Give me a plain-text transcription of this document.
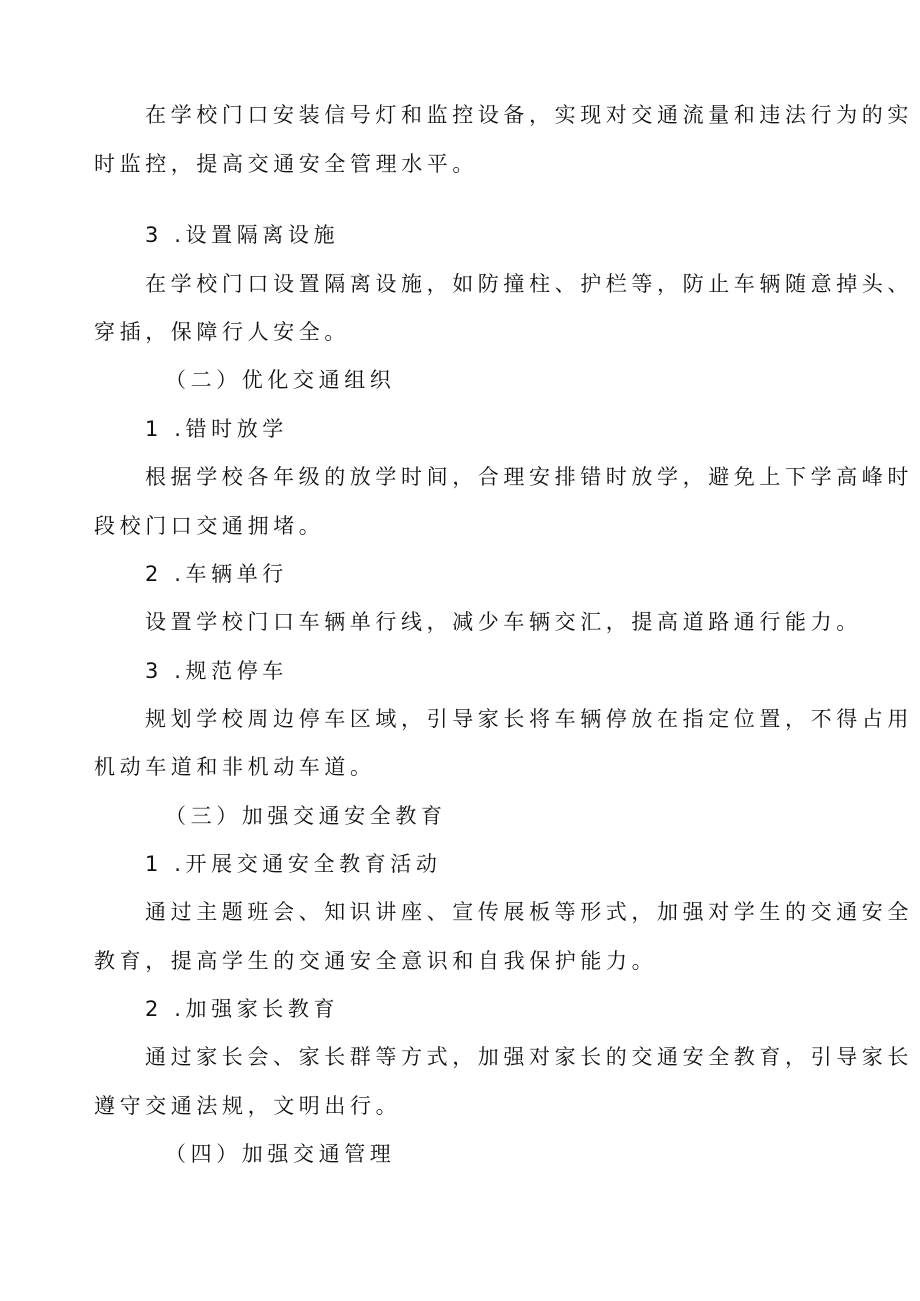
在学校门口安装信号灯和监控设备，实现对交通流量和违法行为的实
时监控，提高交通安全管理水平。
3 .设置隔离设施
在学校门口设置隔离设施，如防撞柱、护栏等，防止车辆随意掉头、
穿插，保障行人安全。
（二）优化交通组织
1 .错时放学
根据学校各年级的放学时间，合理安排错时放学，避免上下学高峰时
段校门口交通拥堵。
2 .车辆单行
设置学校门口车辆单行线，减少车辆交汇，提高道路通行能力。
3 .规范停车
规划学校周边停车区域，引导家长将车辆停放在指定位置，不得占用
机动车道和非机动车道。
（三）加强交通安全教育
1 .开展交通安全教育活动
通过主题班会、知识讲座、宣传展板等形式，加强对学生的交通安全
教育，提高学生的交通安全意识和自我保护能力。
2 .加强家长教育
通过家长会、家长群等方式，加强对家长的交通安全教育，引导家长
遵守交通法规，文明出行。
（四）加强交通管理
